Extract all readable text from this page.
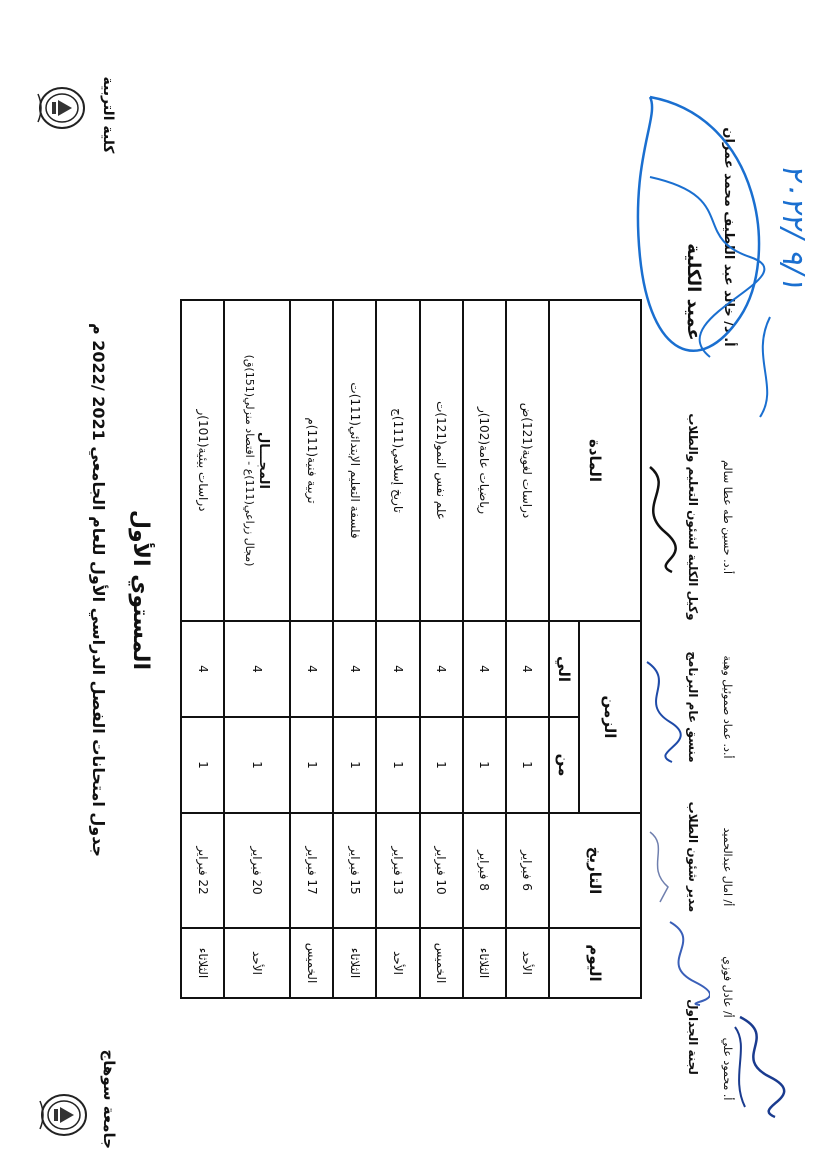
جامعة سوهاج
كلية التربية
جدول امتحانات الفصل الدراسي الأول للعام الجامعي 2021 /2022 م المستوي الأول
اليوم	التاريخ	الزمن		المادة
		من	الي	
الأحد	6 فبراير	1	4	دراسات لغوية(121)ض
الثلاثاء	8 فبراير	1	4	رياضيات عامة(102)ر
الخميس	10 فبراير	1	4	علم نفس النمو(121)ت
الأحد	13 فبراير	1	4	تاريخ إسلامي(111)ج
الثلاثاء	15 فبراير	1	4	فلسفة التعليم الإبتدائي(111)ت
الخميس	17 فبراير	1	4	تربية فنية(111)م
الأحد	20 فبراير	1	4	المجـــال
(مجال زراعي(111)ع - اقتصاد منزلي(151)ق)

الثلاثاء	22 فبراير	1	4	دراسات بيئية(101)ر
لجنة الجداول أ. محمود علي
أ/ عادل فوزي
مدير شئون الطلاب أ/ امال عبدالحميد
منسق عام البرنامج أ.د. عماد صموئيل وهبة
وكيل الكلية لشئون التعليم والطلاب أ.د. حسين طه عطا سالم
عميد الكلية أ. د/ خالد عبد اللطيف محمد عمران ٩/١ /٢٠٢٢
